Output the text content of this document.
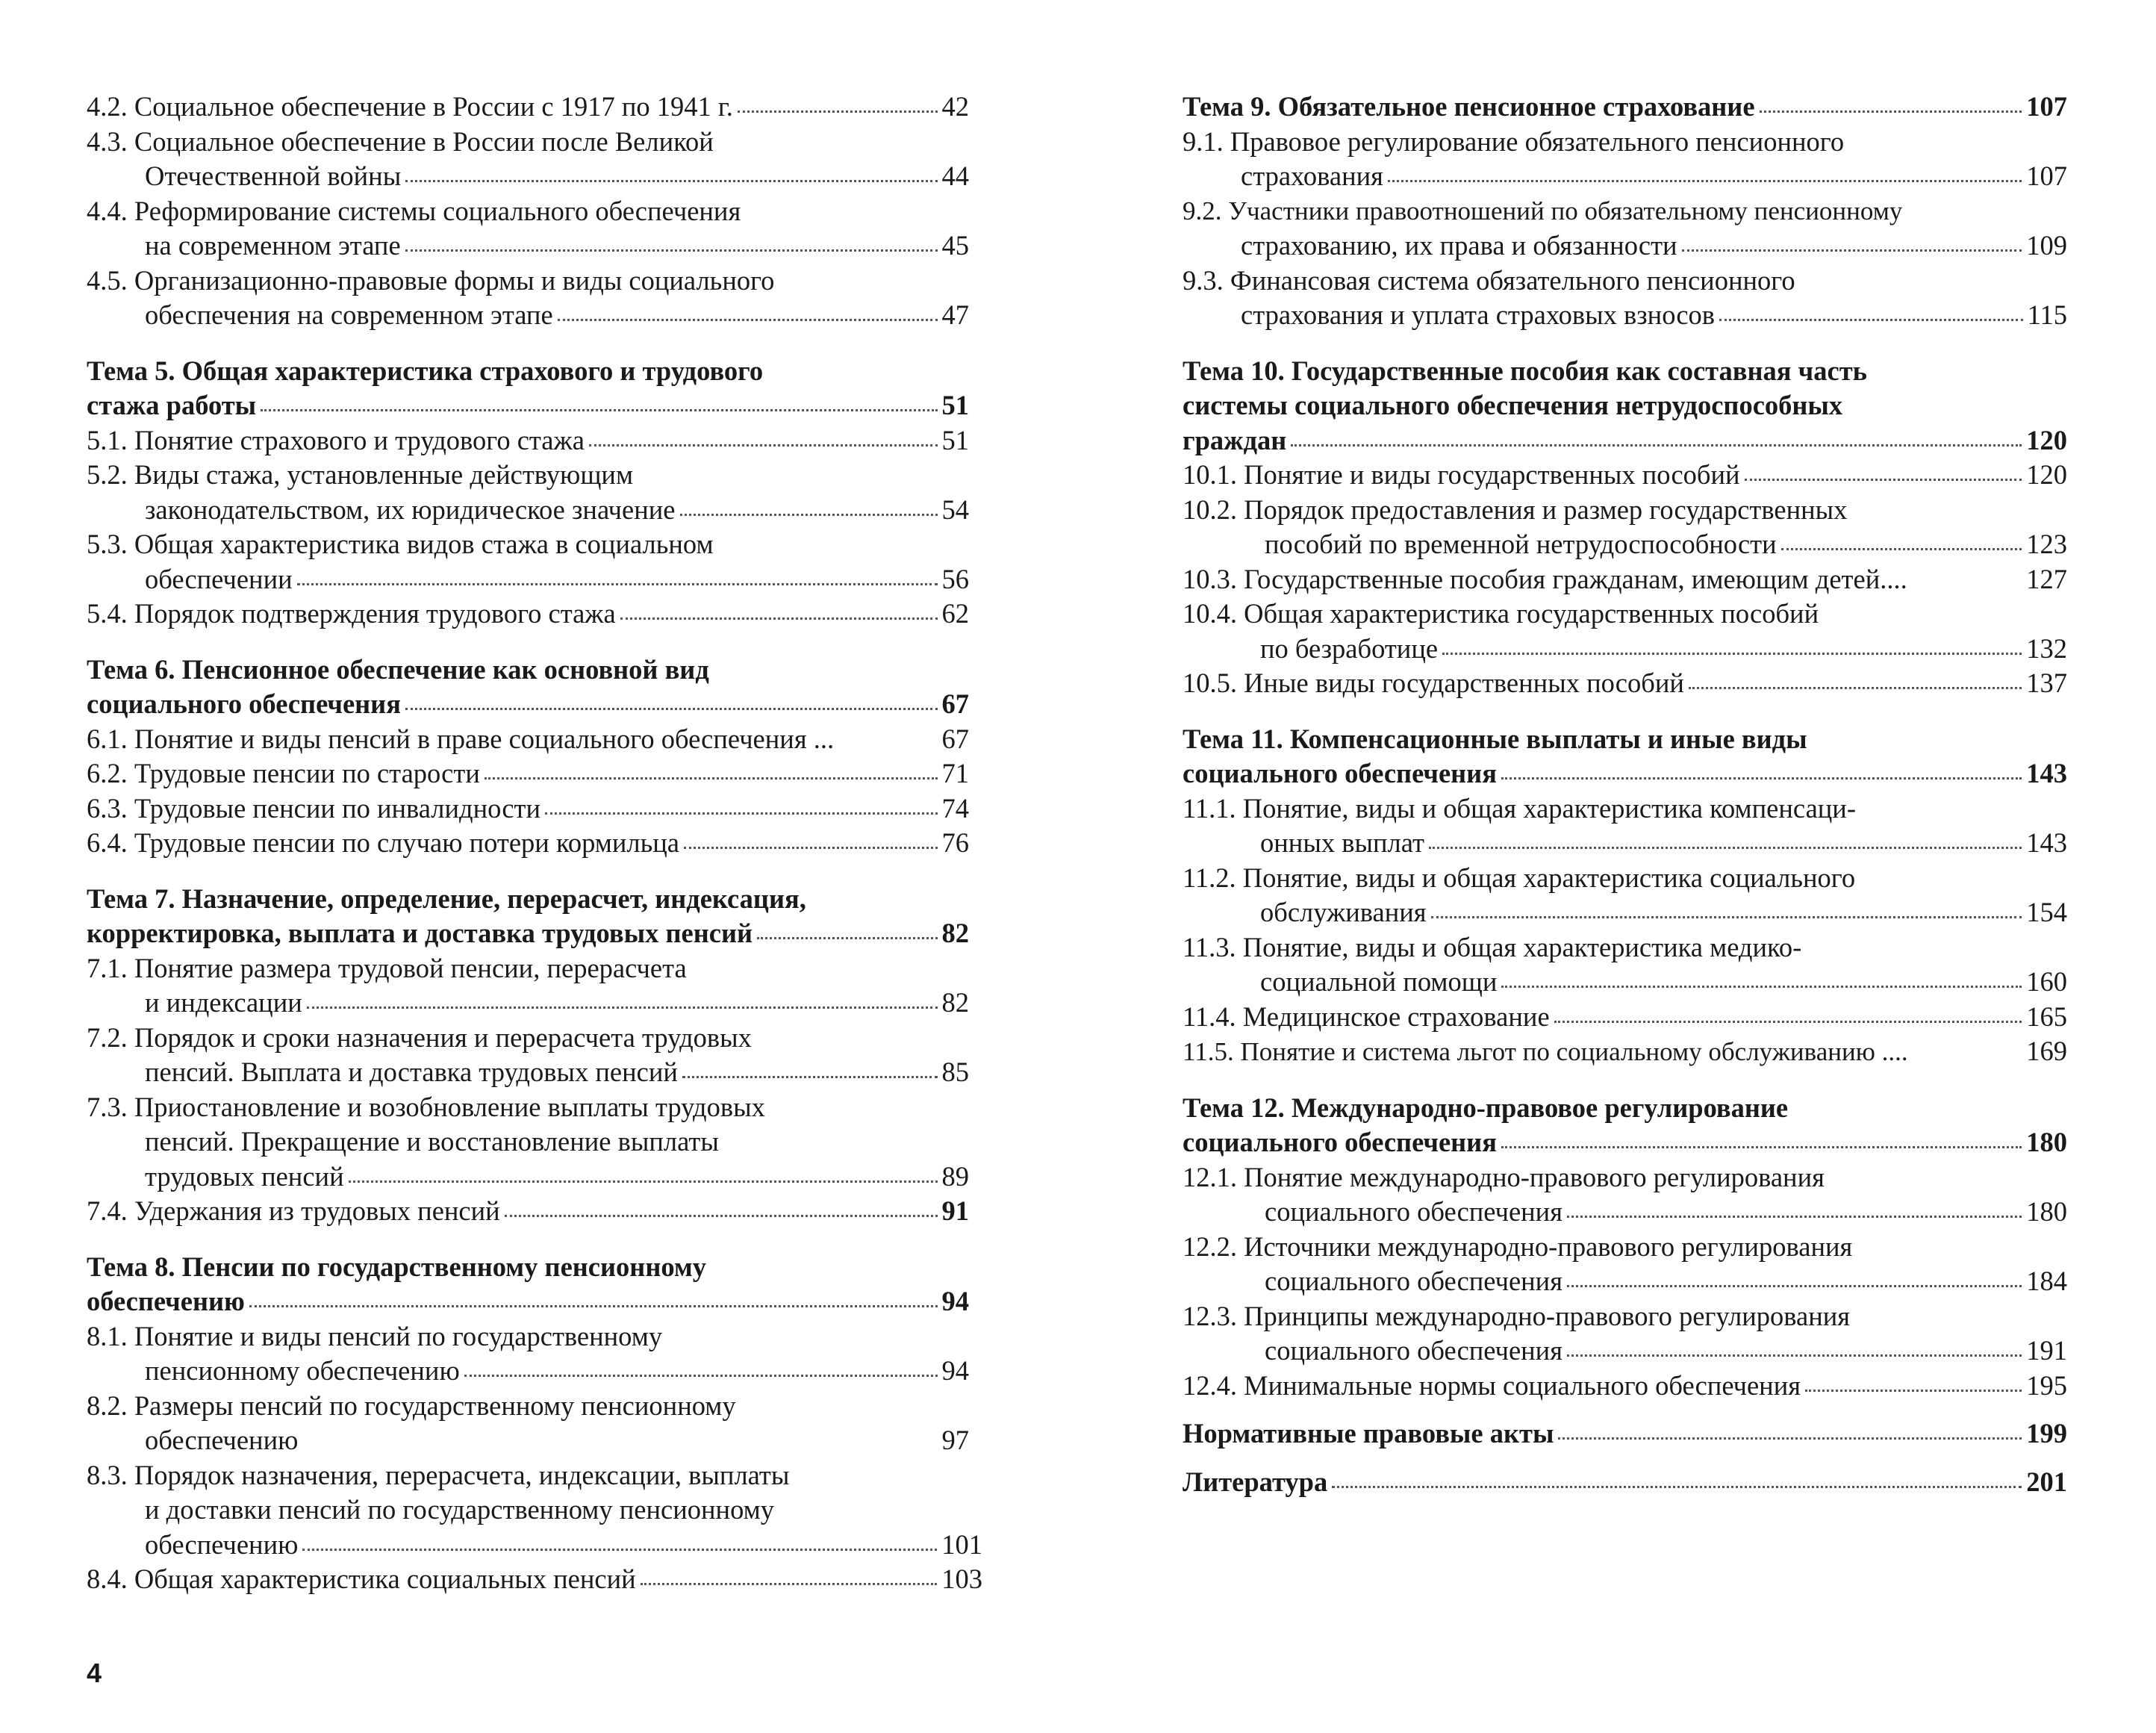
4.2. Социальное обеспечение в России с 1917 по 1941 г.	42
4.3. Социальное обеспечение в России после Великой
Отечественной войны	44
4.4. Реформирование системы социального обеспечения
на современном этапе	45
4.5. Организационно-правовые формы и виды социального
обеспечения на современном этапе	47
Тема 5. Общая характеристика страхового и трудового
стажа работы	51
5.1. Понятие страхового и трудового стажа	51
5.2. Виды стажа, установленные действующим
законодательством, их юридическое значение	54
5.3. Общая характеристика видов стажа в социальном
обеспечении	56
5.4. Порядок подтверждения трудового стажа	62
Тема 6. Пенсионное обеспечение как основной вид
социального обеспечения	67
6.1. Понятие и виды пенсий в праве социального обеспечения ...	67
6.2. Трудовые пенсии по старости	71
6.3. Трудовые пенсии по инвалидности	74
6.4. Трудовые пенсии по случаю потери кормильца	76
Тема 7. Назначение, определение, перерасчет, индексация,
корректировка, выплата и доставка трудовых пенсий	82
7.1. Понятие размера трудовой пенсии, перерасчета
и индексации	82
7.2. Порядок и сроки назначения и перерасчета трудовых
пенсий. Выплата и доставка трудовых пенсий	85
7.3. Приостановление и возобновление выплаты трудовых
пенсий. Прекращение и восстановление выплаты
трудовых пенсий	89
7.4. Удержания из трудовых пенсий	91
Тема 8. Пенсии по государственному пенсионному
обеспечению	94
8.1. Понятие и виды пенсий по государственному
пенсионному обеспечению	94
8.2. Размеры пенсий по государственному пенсионному
обеспечению	97
8.3. Порядок назначения, перерасчета, индексации, выплаты
и доставки пенсий по государственному пенсионному
обеспечению	101
8.4. Общая характеристика социальных пенсий	103
Тема 9. Обязательное пенсионное страхование	107
9.1. Правовое регулирование обязательного пенсионного
страхования	107
9.2. Участники правоотношений по обязательному пенсионному
страхованию, их права и обязанности	109
9.3. Финансовая система обязательного пенсионного
страхования и уплата страховых взносов	115
Тема 10. Государственные пособия как составная часть
системы социального обеспечения нетрудоспособных
граждан	120
10.1. Понятие и виды государственных пособий	120
10.2. Порядок предоставления и размер государственных
пособий по временной нетрудоспособности	123
10.3. Государственные пособия гражданам, имеющим детей....	127
10.4. Общая характеристика государственных пособий
по безработице	132
10.5. Иные виды государственных пособий	137
Тема 11. Компенсационные выплаты и иные виды
социального обеспечения	143
11.1. Понятие, виды и общая характеристика компенсаци-
онных выплат	143
11.2. Понятие, виды и общая характеристика социального
обслуживания	154
11.3. Понятие, виды и общая характеристика медико-
социальной помощи	160
11.4. Медицинское страхование	165
11.5. Понятие и система льгот по социальному обслуживанию ....	169
Тема 12. Международно-правовое регулирование
социального обеспечения	180
12.1. Понятие международно-правового регулирования
социального обеспечения	180
12.2. Источники международно-правового регулирования
социального обеспечения	184
12.3. Принципы международно-правового регулирования
социального обеспечения	191
12.4. Минимальные нормы социального обеспечения	195
Нормативные правовые акты	199
Литература	201
4
